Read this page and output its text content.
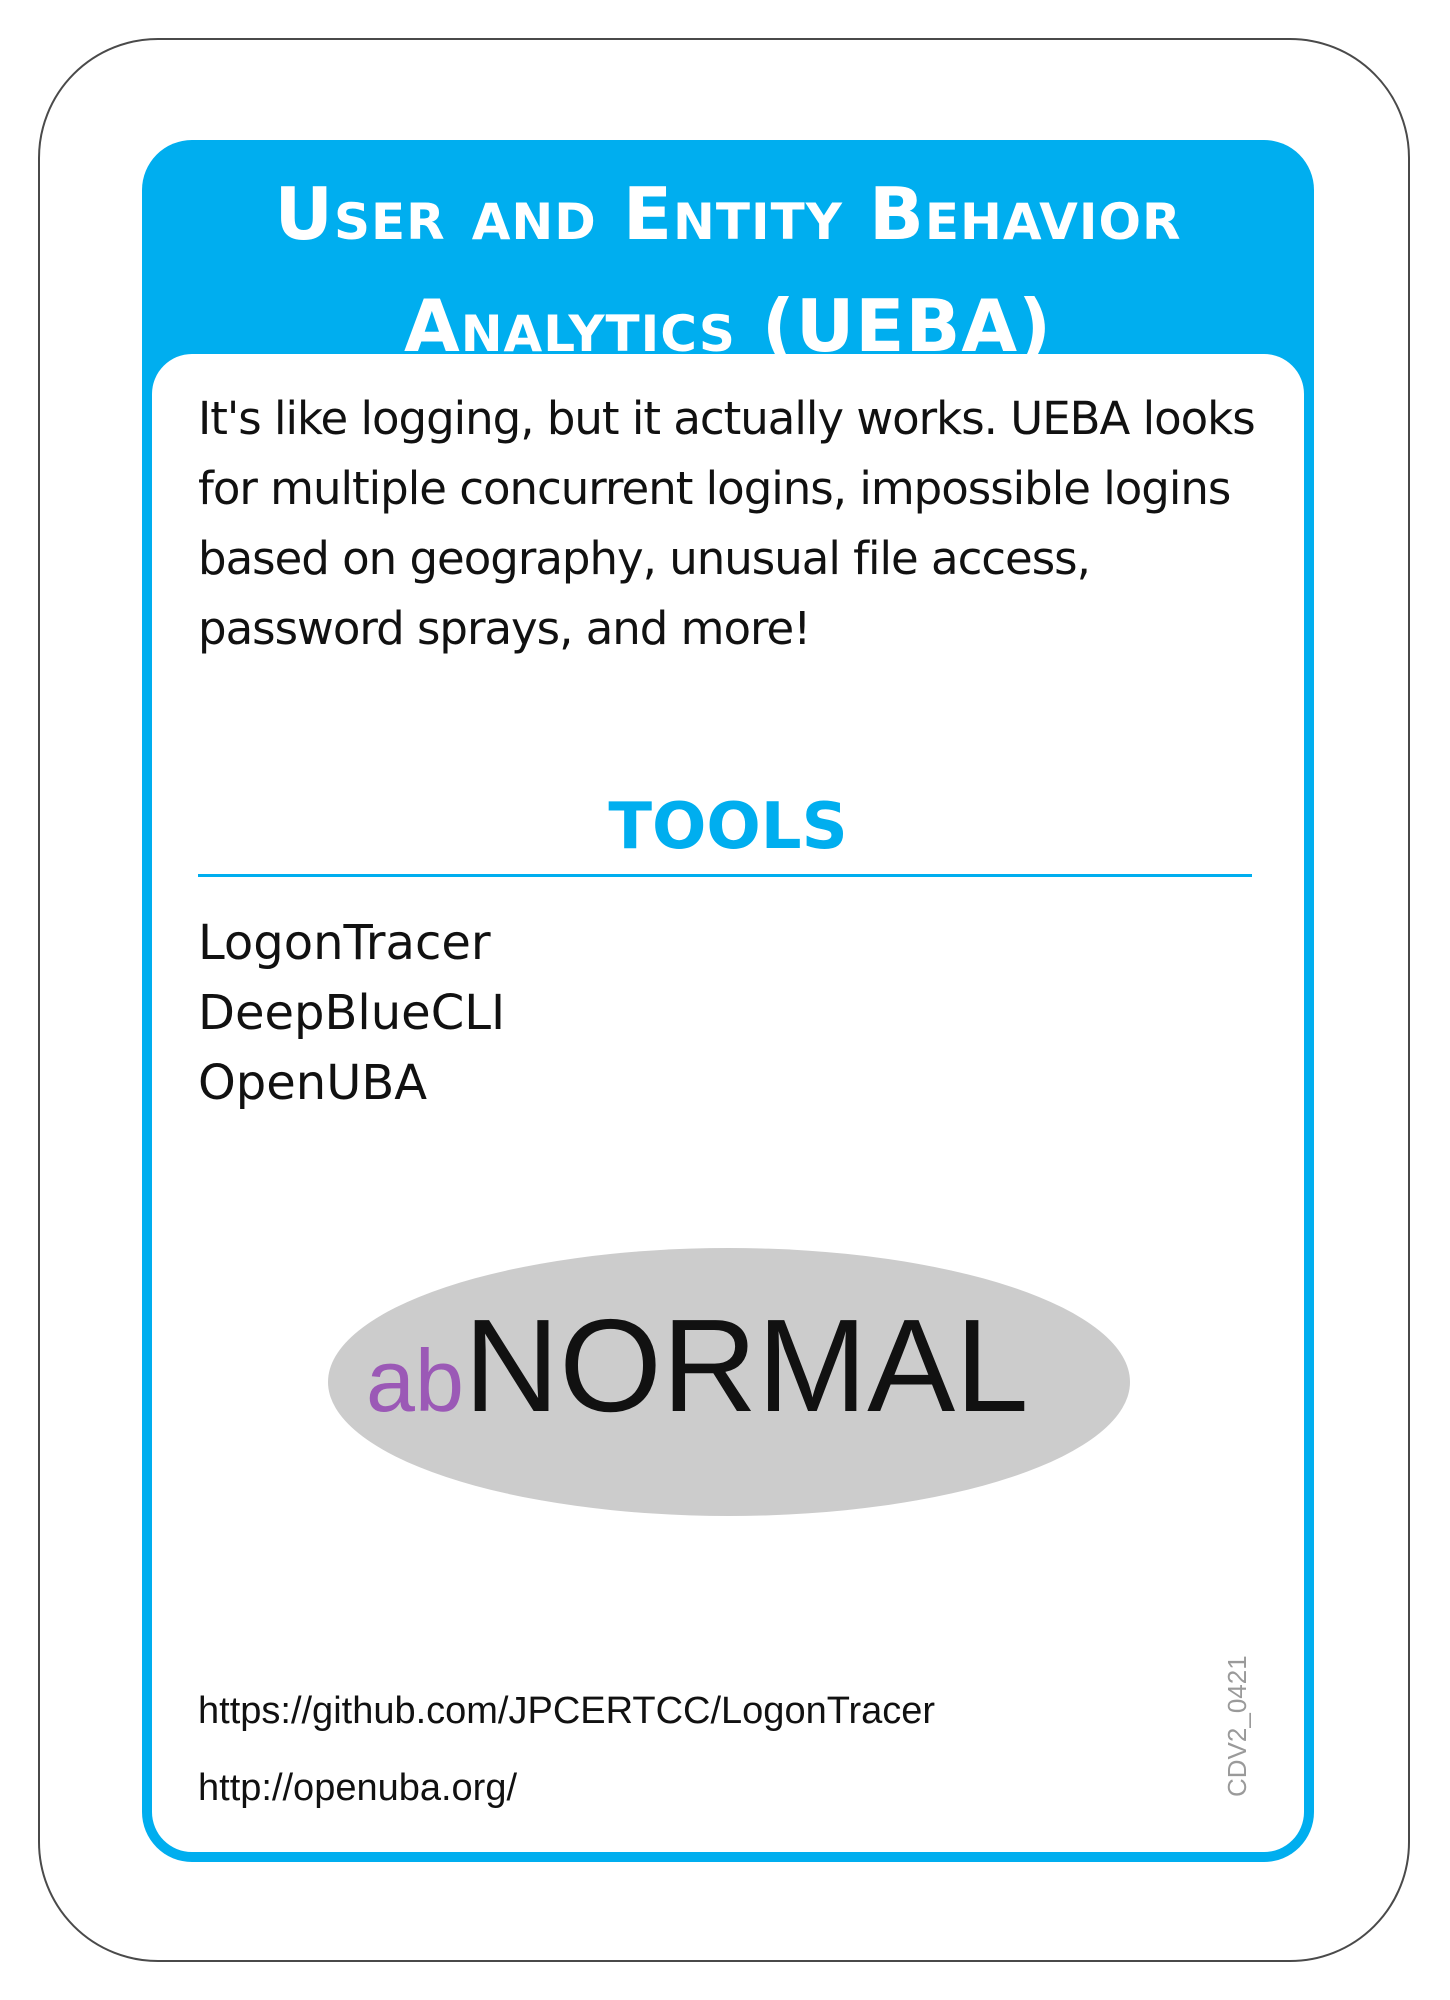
User and Entity Behavior
Analytics (UEBA)

It's like logging, but it actually works. UEBA looks
for multiple concurrent logins, impossible logins
based on geography, unusual file access,
password sprays, and more!

TOOLS
LogonTracer
DeepBlueCLI
OpenUBA

abNORMAL

https://github.com/JPCERTCC/LogonTracer
http://openuba.org/	CDV2_0421
